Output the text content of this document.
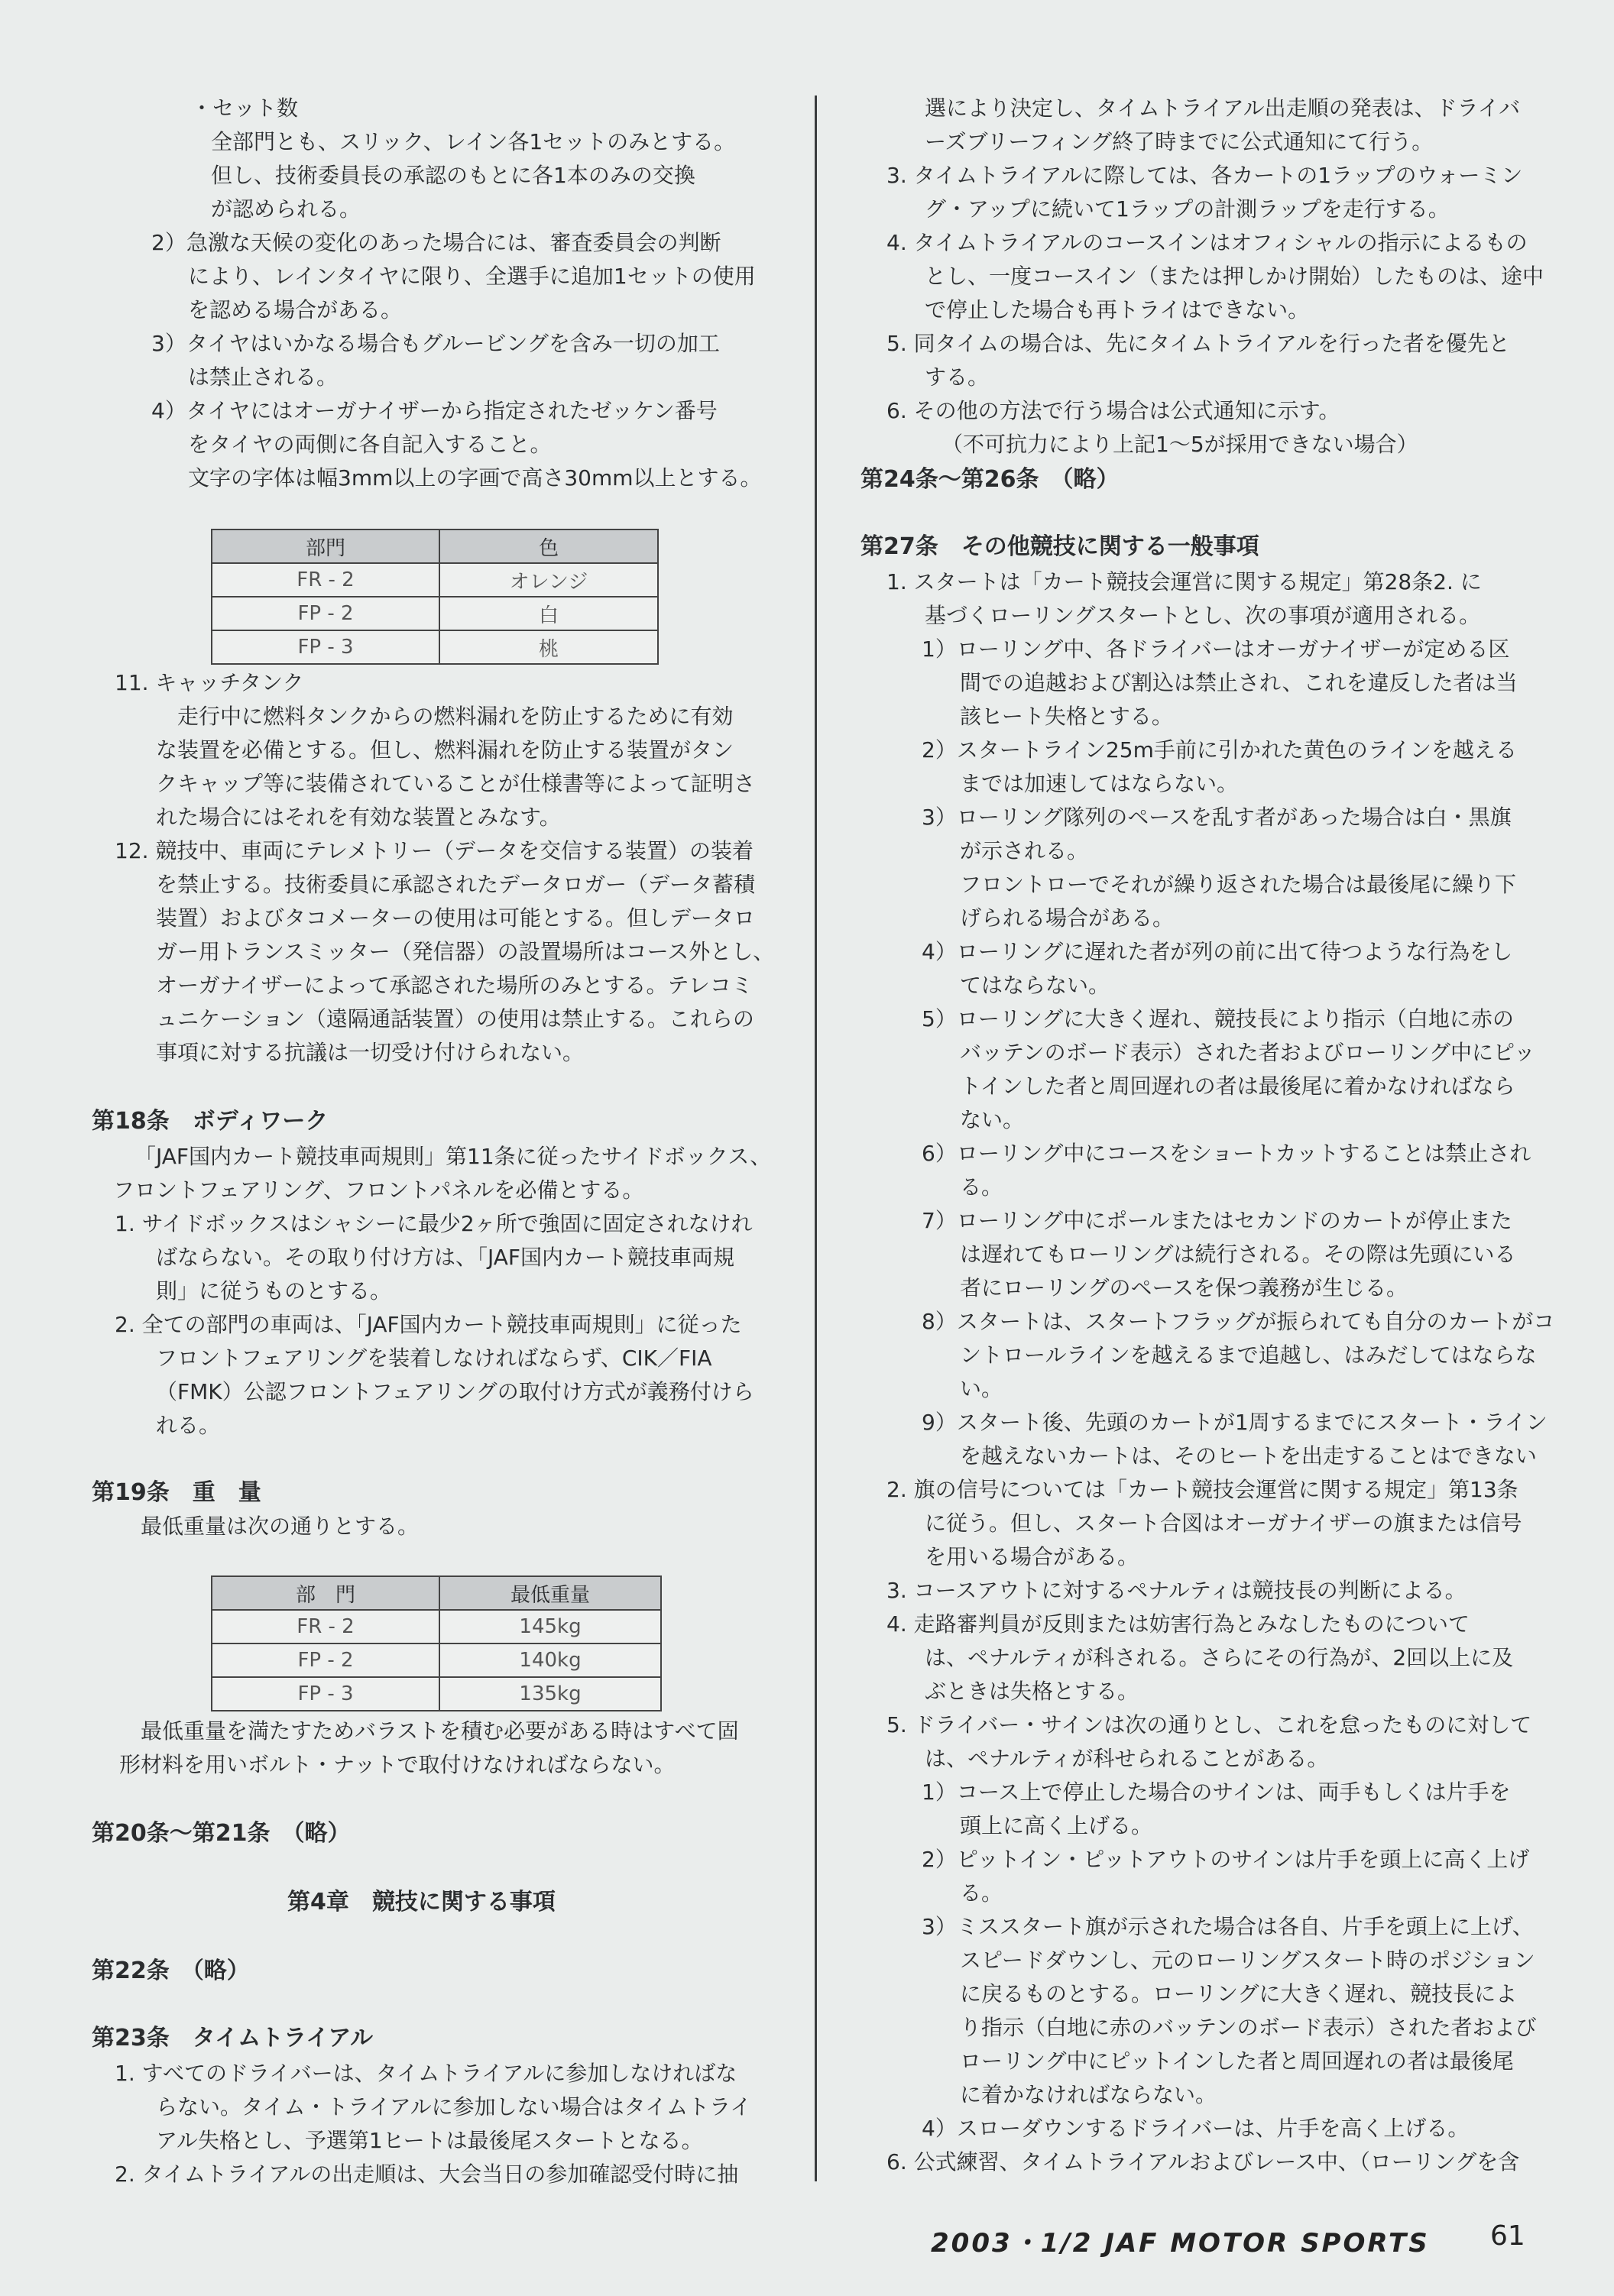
・セット数
全部門とも、スリック、レイン各1セットのみとする。
但し、技術委員長の承認のもとに各1本のみの交換
が認められる。
2）急激な天候の変化のあった場合には、審査委員会の判断
により、レインタイヤに限り、全選手に追加1セットの使用
を認める場合がある。
3）タイヤはいかなる場合もグルービングを含み一切の加工
は禁止される。
4）タイヤにはオーガナイザーから指定されたゼッケン番号
をタイヤの両側に各自記入すること。
文字の字体は幅3mm以上の字画で高さ30mm以上とする。
11. キャッチタンク
走行中に燃料タンクからの燃料漏れを防止するために有効
な装置を必備とする。但し、燃料漏れを防止する装置がタン
クキャップ等に装備されていることが仕様書等によって証明さ
れた場合にはそれを有効な装置とみなす。
12. 競技中、車両にテレメトリー（データを交信する装置）の装着
を禁止する。技術委員に承認されたデータロガー（データ蓄積
装置）およびタコメーターの使用は可能とする。但しデータロ
ガー用トランスミッター（発信器）の設置場所はコース外とし、
オーガナイザーによって承認された場所のみとする。テレコミ
ュニケーション（遠隔通話装置）の使用は禁止する。これらの
事項に対する抗議は一切受け付けられない。
第18条　ボディワーク
「JAF国内カート競技車両規則」第11条に従ったサイドボックス、
フロントフェアリング、フロントパネルを必備とする。
1. サイドボックスはシャシーに最少2ヶ所で強固に固定されなけれ
ばならない。その取り付け方は、「JAF国内カート競技車両規
則」に従うものとする。
2. 全ての部門の車両は、「JAF国内カート競技車両規則」に従った
フロントフェアリングを装着しなければならず、CIK／FIA
（FMK）公認フロントフェアリングの取付け方式が義務付けら
れる。
第19条　重　量
最低重量は次の通りとする。
最低重量を満たすためバラストを積む必要がある時はすべて固
形材料を用いボルト・ナットで取付けなければならない。
第20条〜第21条　（略）
第4章　競技に関する事項
第22条　（略）
第23条　タイムトライアル
1. すべてのドライバーは、タイムトライアルに参加しなければな
らない。タイム・トライアルに参加しない場合はタイムトライ
アル失格とし、予選第1ヒートは最後尾スタートとなる。
2. タイムトライアルの出走順は、大会当日の参加確認受付時に抽
選により決定し、タイムトライアル出走順の発表は、ドライバ
ーズブリーフィング終了時までに公式通知にて行う。
3. タイムトライアルに際しては、各カートの1ラップのウォーミン
グ・アップに続いて1ラップの計測ラップを走行する。
4. タイムトライアルのコースインはオフィシャルの指示によるもの
とし、一度コースイン（または押しかけ開始）したものは、途中
で停止した場合も再トライはできない。
5. 同タイムの場合は、先にタイムトライアルを行った者を優先と
する。
6. その他の方法で行う場合は公式通知に示す。
（不可抗力により上記1〜5が採用できない場合）
第24条〜第26条　（略）
第27条　その他競技に関する一般事項
1. スタートは「カート競技会運営に関する規定」第28条2. に
基づくローリングスタートとし、次の事項が適用される。
1）ローリング中、各ドライバーはオーガナイザーが定める区
間での追越および割込は禁止され、これを違反した者は当
該ヒート失格とする。
2）スタートライン25m手前に引かれた黄色のラインを越える
までは加速してはならない。
3）ローリング隊列のペースを乱す者があった場合は白・黒旗
が示される。
フロントローでそれが繰り返された場合は最後尾に繰り下
げられる場合がある。
4）ローリングに遅れた者が列の前に出て待つような行為をし
てはならない。
5）ローリングに大きく遅れ、競技長により指示（白地に赤の
バッテンのボード表示）された者およびローリング中にピッ
トインした者と周回遅れの者は最後尾に着かなければなら
ない。
6）ローリング中にコースをショートカットすることは禁止され
る。
7）ローリング中にポールまたはセカンドのカートが停止また
は遅れてもローリングは続行される。その際は先頭にいる
者にローリングのペースを保つ義務が生じる。
8）スタートは、スタートフラッグが振られても自分のカートがコ
ントロールラインを越えるまで追越し、はみだしてはならな
い。
9）スタート後、先頭のカートが1周するまでにスタート・ライン
を越えないカートは、そのヒートを出走することはできない
2. 旗の信号については「カート競技会運営に関する規定」第13条
に従う。但し、スタート合図はオーガナイザーの旗または信号
を用いる場合がある。
3. コースアウトに対するペナルティは競技長の判断による。
4. 走路審判員が反則または妨害行為とみなしたものについて
は、ペナルティが科される。さらにその行為が、2回以上に及
ぶときは失格とする。
5. ドライバー・サインは次の通りとし、これを怠ったものに対して
は、ペナルティが科せられることがある。
1）コース上で停止した場合のサインは、両手もしくは片手を
頭上に高く上げる。
2）ピットイン・ピットアウトのサインは片手を頭上に高く上げ
る。
3）ミススタート旗が示された場合は各自、片手を頭上に上げ、
スピードダウンし、元のローリングスタート時のポジション
に戻るものとする。ローリングに大きく遅れ、競技長によ
り指示（白地に赤のバッテンのボード表示）された者および
ローリング中にピットインした者と周回遅れの者は最後尾
に着かなければならない。
4）スローダウンするドライバーは、片手を高く上げる。
6. 公式練習、タイムトライアルおよびレース中、（ローリングを含
部門	色
FR - 2	オレンジ
FP - 2	白
FP - 3	桃
部　門	最低重量
FR - 2	145kg
FP - 2	140kg
FP - 3	135kg
2003・1/2 JAF MOTOR SPORTS 61
